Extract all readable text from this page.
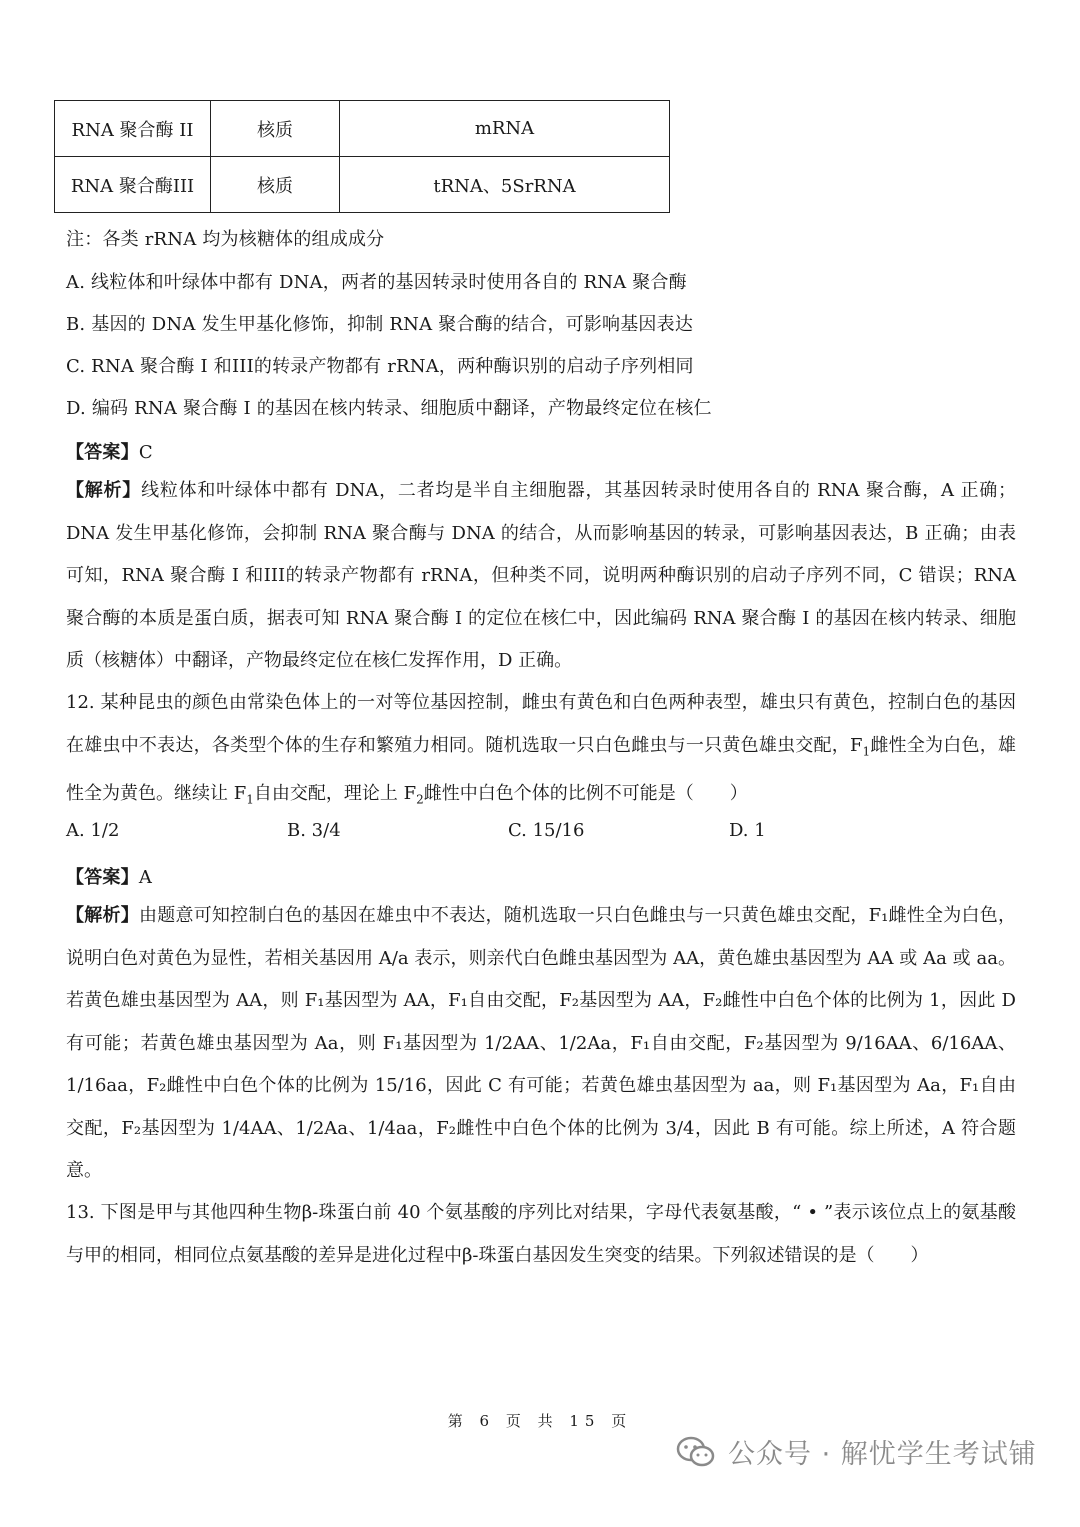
RNA 聚合酶 II	核质	mRNA
RNA 聚合酶III	核质	tRNA、5SrRNA
注：各类 rRNA 均为核糖体的组成成分
A. 线粒体和叶绿体中都有 DNA，两者的基因转录时使用各自的 RNA 聚合酶
B. 基因的 DNA 发生甲基化修饰，抑制 RNA 聚合酶的结合，可影响基因表达
C. RNA 聚合酶 I 和III的转录产物都有 rRNA，两种酶识别的启动子序列相同
D. 编码 RNA 聚合酶 I 的基因在核内转录、细胞质中翻译，产物最终定位在核仁
【答案】C
【解析】线粒体和叶绿体中都有 DNA，二者均是半自主细胞器，其基因转录时使用各自的 RNA 聚合酶，A 正确；DNA 发生甲基化修饰，会抑制 RNA 聚合酶与 DNA 的结合，从而影响基因的转录，可影响基因表达，B 正确；由表可知，RNA 聚合酶 I 和III的转录产物都有 rRNA，但种类不同，说明两种酶识别的启动子序列不同，C 错误；RNA 聚合酶的本质是蛋白质，据表可知 RNA 聚合酶 I 的定位在核仁中，因此编码 RNA 聚合酶 I 的基因在核内转录、细胞质（核糖体）中翻译，产物最终定位在核仁发挥作用，D 正确。
12. 某种昆虫的颜色由常染色体上的一对等位基因控制，雌虫有黄色和白色两种表型，雄虫只有黄色，控制白色的基因在雄虫中不表达，各类型个体的生存和繁殖力相同。随机选取一只白色雌虫与一只黄色雄虫交配，$F_1$雌性全为白色，雄性全为黄色。继续让 $F_1$自由交配，理论上 $F_2$雌性中白色个体的比例不可能是（　　）
A. 1/2	B. 3/4	C. 15/16	D. 1
【答案】A
【解析】由题意可知控制白色的基因在雄虫中不表达，随机选取一只白色雌虫与一只黄色雄虫交配，F₁雌性全为白色，说明白色对黄色为显性，若相关基因用 A/a 表示，则亲代白色雌虫基因型为 AA，黄色雄虫基因型为 AA 或 Aa 或 aa。若黄色雄虫基因型为 AA，则 F₁基因型为 AA，F₁自由交配，F₂基因型为 AA，F₂雌性中白色个体的比例为 1，因此 D 有可能；若黄色雄虫基因型为 Aa，则 F₁基因型为 1/2AA、1/2Aa，F₁自由交配，F₂基因型为 9/16AA、6/16AA、1/16aa，F₂雌性中白色个体的比例为 15/16，因此 C 有可能；若黄色雄虫基因型为 aa，则 F₁基因型为 Aa，F₁自由交配，F₂基因型为 1/4AA、1/2Aa、1/4aa，F₂雌性中白色个体的比例为 3/4，因此 B 有可能。综上所述，A 符合题意。
13. 下图是甲与其他四种生物β-珠蛋白前 40 个氨基酸的序列比对结果，字母代表氨基酸，“ • ”表示该位点上的氨基酸与甲的相同，相同位点氨基酸的差异是进化过程中β-珠蛋白基因发生突变的结果。下列叙述错误的是（　　）
第 6 页 共 15 页
公众号 · 解忧学生考试铺
